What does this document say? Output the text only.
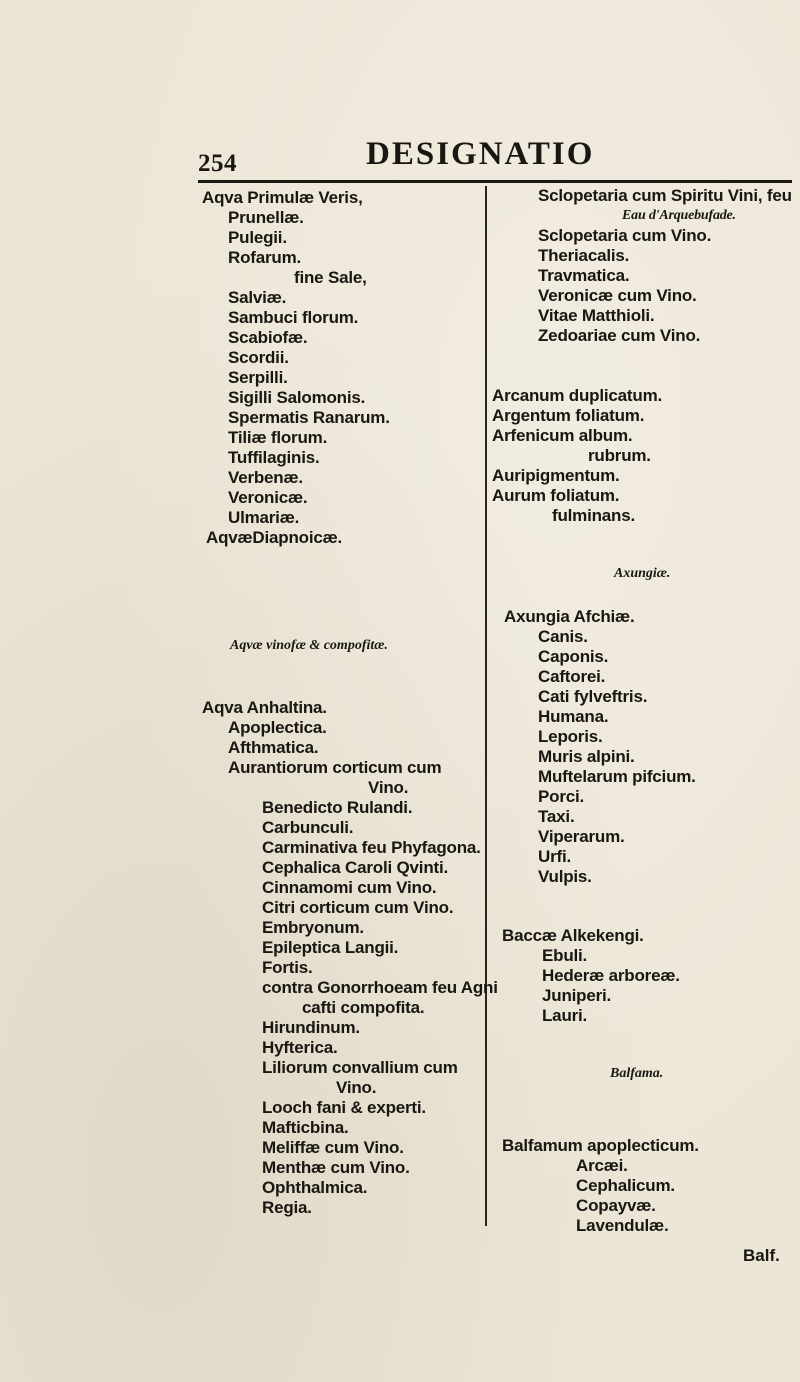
254	DESIGNATIO
Aqva Primulæ Veris,
Prunellæ.
Pulegii.
Rofarum.
fine Sale,
Salviæ.
Sambuci florum.
Scabiofæ.
Scordii.
Serpilli.
Sigilli Salomonis.
Spermatis Ranarum.
Tiliæ florum.
Tuffilaginis.
Verbenæ.
Veronicæ.
Ulmariæ.
AqvæDiapnoicæ.
Aqvæ vinofæ & compofitæ.
Aqva Anhaltina.
Apoplectica.
Afthmatica.
Aurantiorum corticum cum
Vino.
Benedicto Rulandi.
Carbunculi.
Carminativa feu Phyfagona.
Cephalica Caroli Qvinti.
Cinnamomi cum Vino.
Citri corticum cum Vino.
Embryonum.
Epileptica Langii.
Fortis.
contra Gonorrhoeam feu Agni
cafti compofita.
Hirundinum.
Hyfterica.
Liliorum convallium cum
Vino.
Looch fani & experti.
Mafticbina.
Meliffæ cum Vino.
Menthæ cum Vino.
Ophthalmica.
Regia.
Sclopetaria cum Spiritu Vini, feu
Eau d'Arquebufade.
Sclopetaria cum Vino.
Theriacalis.
Travmatica.
Veronicæ cum Vino.
Vitae Matthioli.
Zedoariae cum Vino.
Arcanum duplicatum.
Argentum foliatum.
Arfenicum album.
rubrum.
Auripigmentum.
Aurum foliatum.
fulminans.
Axungiæ.
Axungia Afchiæ.
Canis.
Caponis.
Caftorei.
Cati fylveftris.
Humana.
Leporis.
Muris alpini.
Muftelarum pifcium.
Porci.
Taxi.
Viperarum.
Urfi.
Vulpis.
Baccæ Alkekengi.
Ebuli.
Hederæ arboreæ.
Juniperi.
Lauri.
Balfama.
Balfamum apoplecticum.
Arcæi.
Cephalicum.
Copayvæ.
Lavendulæ.
Balf.
